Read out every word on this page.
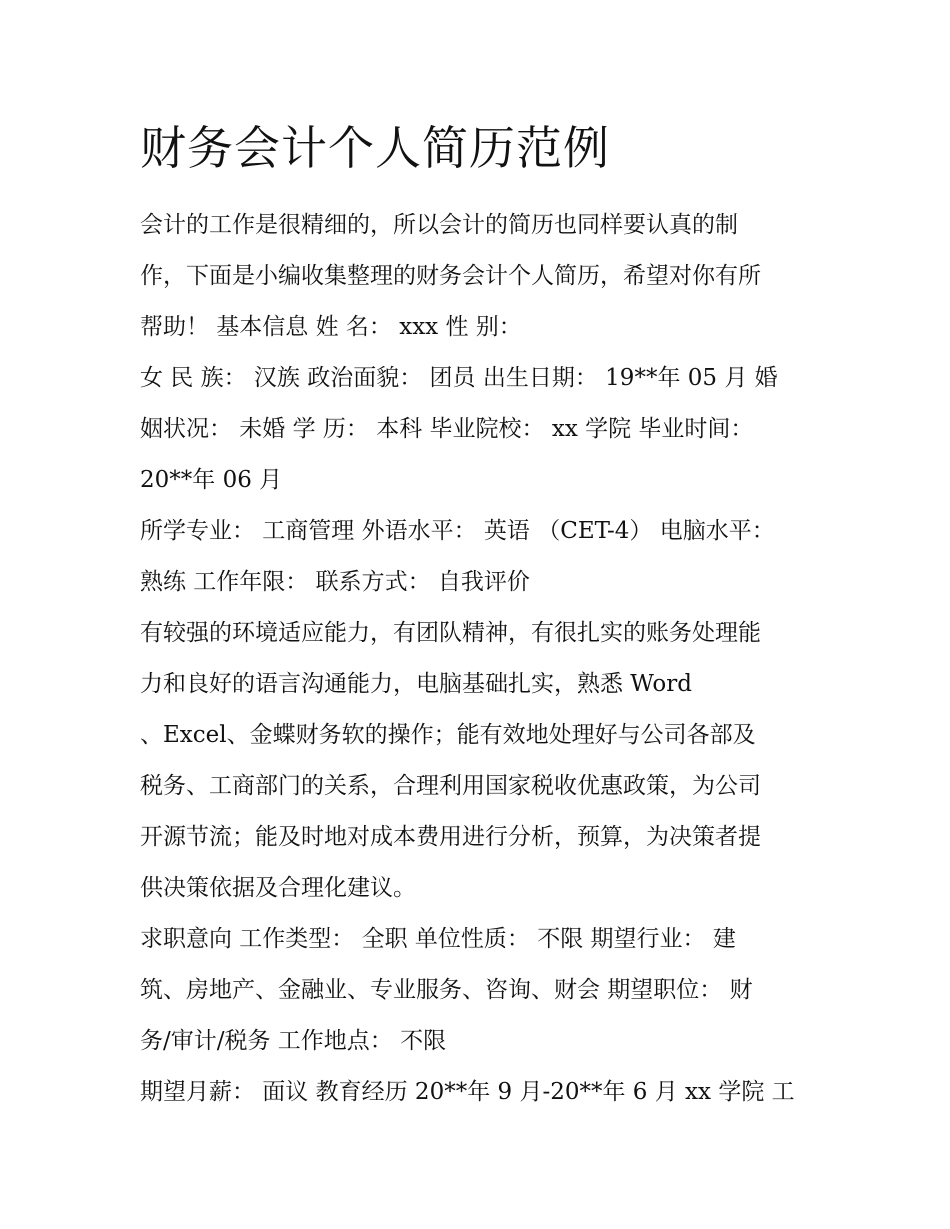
财务会计个人简历范例

会计的工作是很精细的，所以会计的简历也同样要认真的制

作，下面是小编收集整理的财务会计个人简历，希望对你有所

帮助！ 基本信息 姓 名： xxx 性 别：

女 民 族： 汉族 政治面貌： 团员 出生日期： 19**年 05 月 婚

姻状况： 未婚 学 历： 本科 毕业院校： xx 学院 毕业时间：

20**年 06 月

所学专业： 工商管理 外语水平： 英语 （CET-4） 电脑水平：

熟练 工作年限： 联系方式： 自我评价

有较强的环境适应能力，有团队精神，有很扎实的账务处理能

力和良好的语言沟通能力，电脑基础扎实，熟悉 Word

、Excel、金蝶财务软的操作；能有效地处理好与公司各部及

税务、工商部门的关系，合理利用国家税收优惠政策，为公司

开源节流；能及时地对成本费用进行分析，预算，为决策者提

供决策依据及合理化建议。

求职意向 工作类型： 全职 单位性质： 不限 期望行业： 建

筑、房地产、金融业、专业服务、咨询、财会 期望职位： 财

务/审计/税务 工作地点： 不限

期望月薪： 面议 教育经历 20**年 9 月-20**年 6 月 xx 学院 工
